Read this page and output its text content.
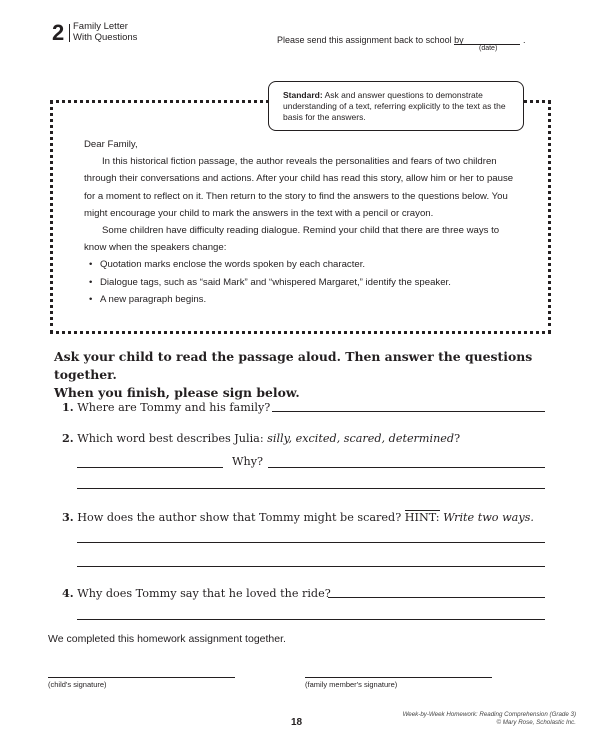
2 Family Letter
With Questions	Please send this assignment back to school by	.
(date)
Standard: Ask and answer questions to demonstrate
understanding of a text, referring explicitly to the text as the
basis for the answers.

Dear Family,

In this historical fiction passage, the author reveals the personalities and fears of two children through their conversations and actions. After your child has read this story, allow him or her to pause for a moment to reflect on it. Then return to the story to find the answers to the questions below. You might encourage your child to mark the answers in the text with a pencil or crayon.

Some children have difficulty reading dialogue. Remind your child that there are three ways to know when the speakers change:

• Quotation marks enclose the words spoken by each character.
• Dialogue tags, such as “said Mark” and “whispered Margaret,” identify the speaker.
• A new paragraph begins.
Ask your child to read the passage aloud. Then answer the questions together.
When you finish, please sign below.
1. Where are Tommy and his family?
2. Which word best describes Julia: silly, excited, scared, determined?
Why?
3. How does the author show that Tommy might be scared? HINT: Write two ways.
4. Why does Tommy say that he loved the ride?
We completed this homework assignment together.
(child's signature)	(family member's signature)
18
Week-by-Week Homework: Reading Comprehension (Grade 3)
© Mary Rose, Scholastic Inc.
